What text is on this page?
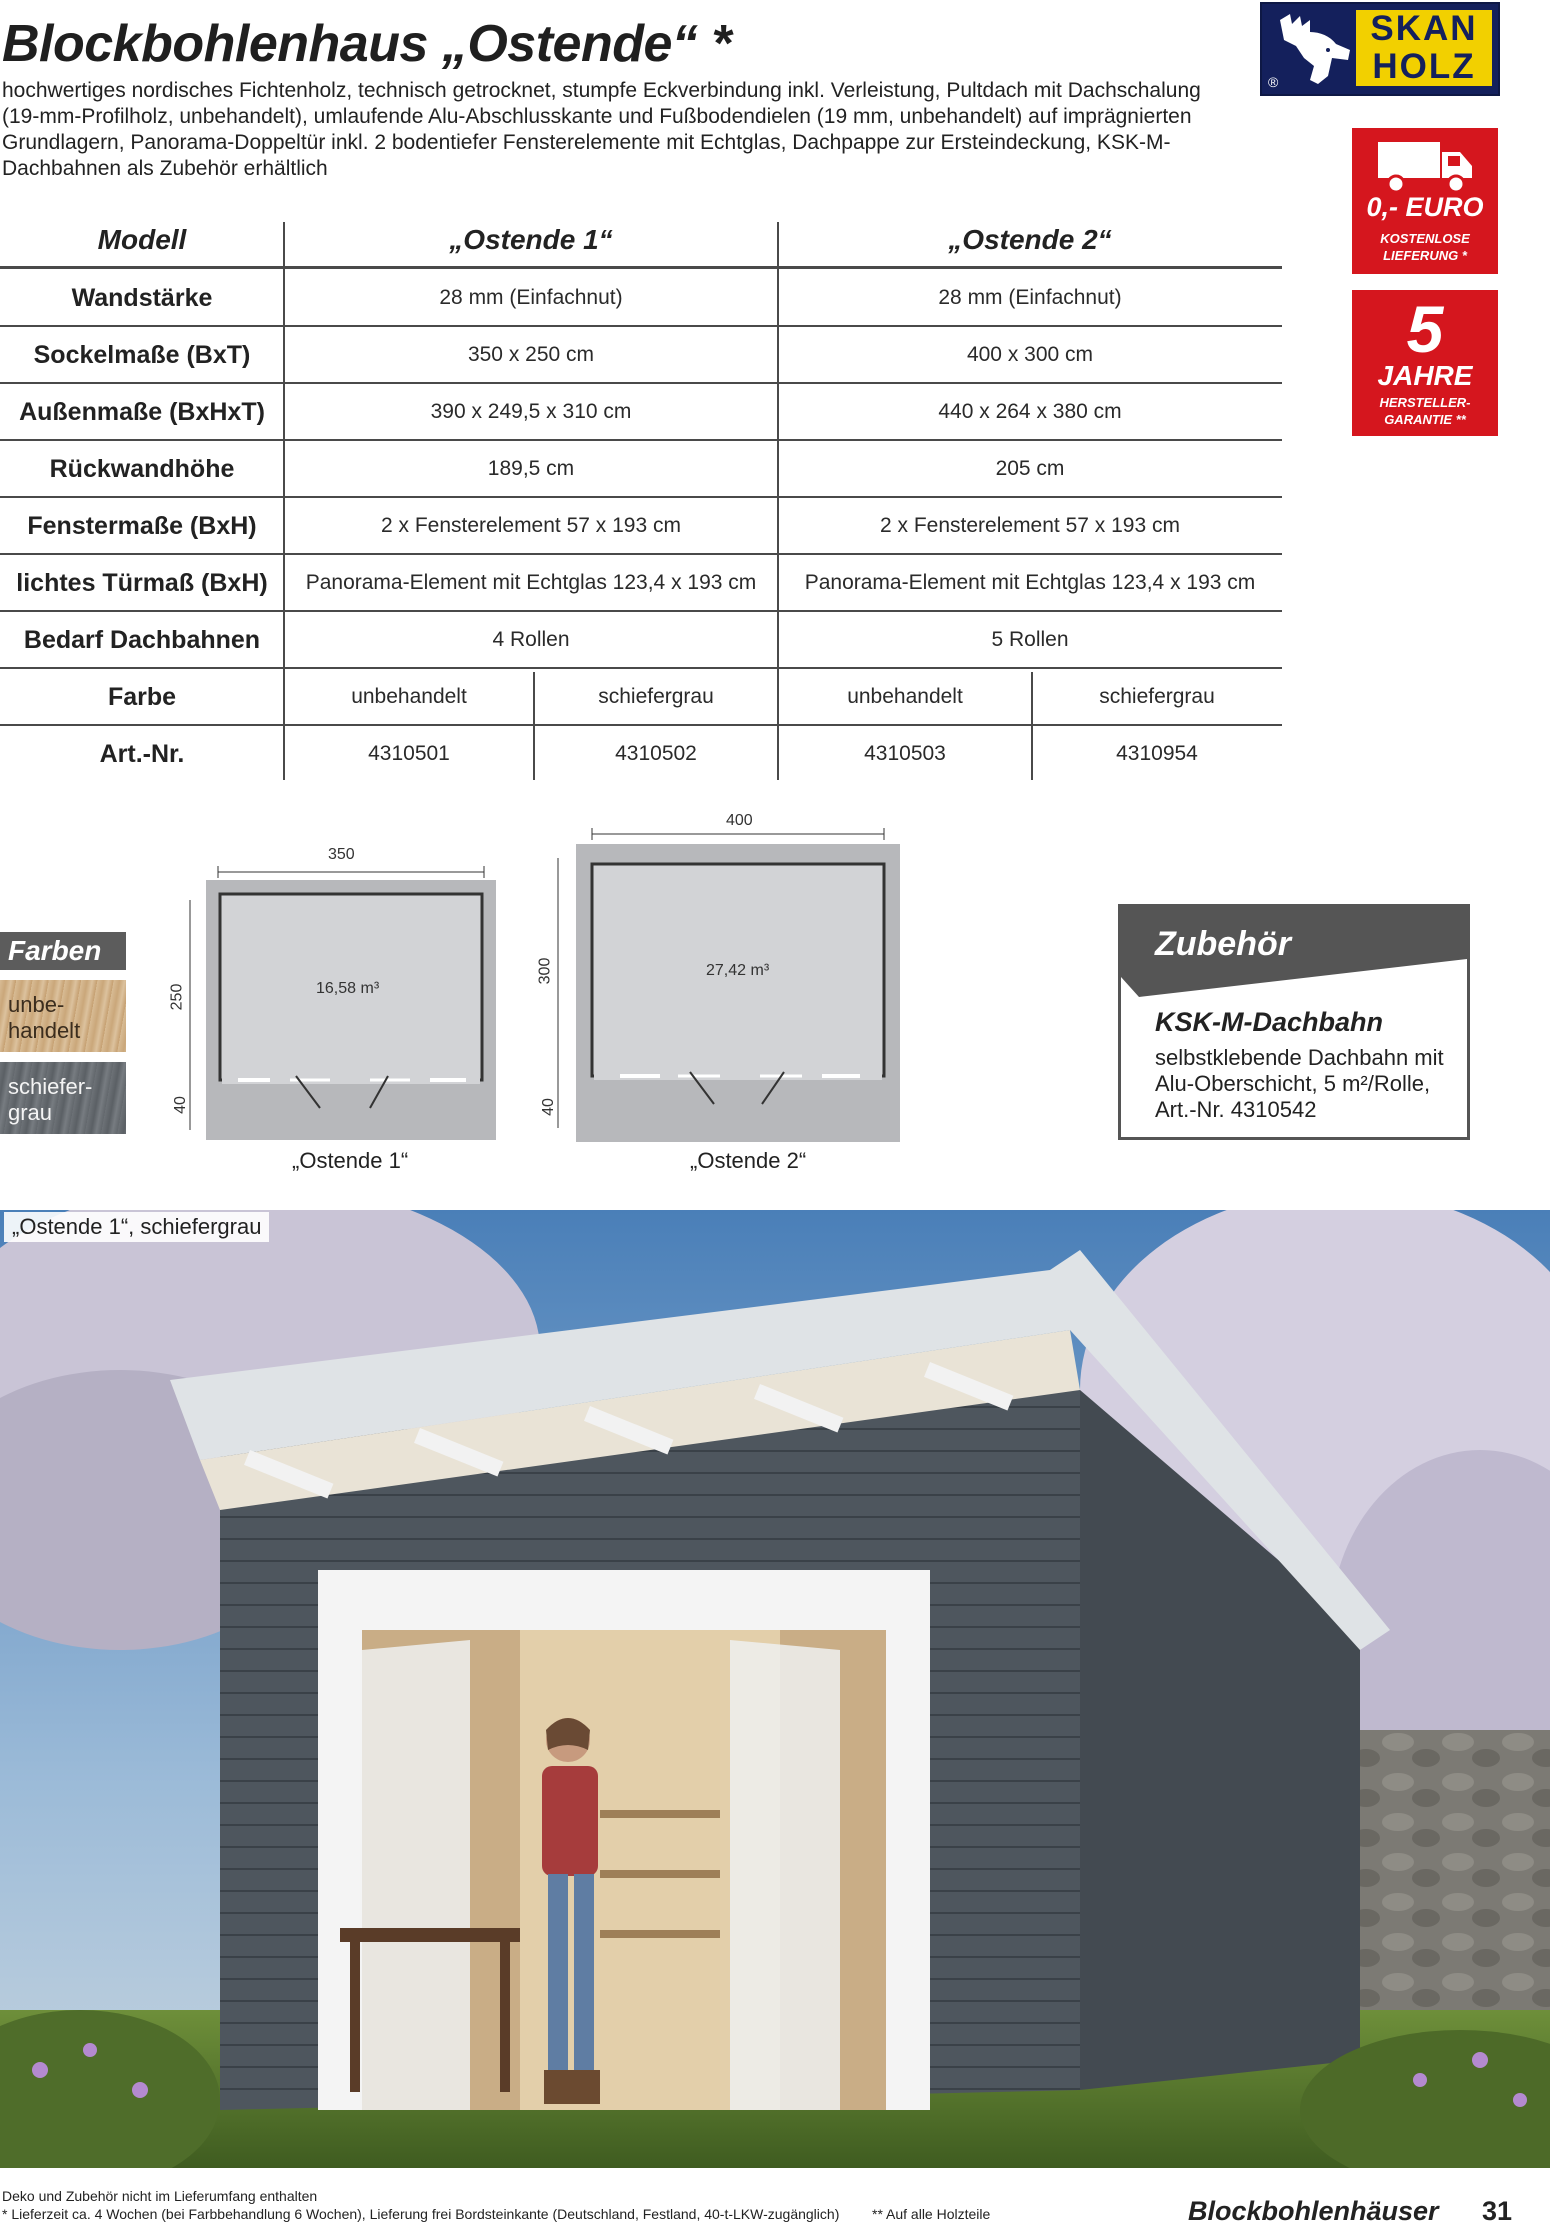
Blockbohlenhaus „Ostende“ *
hochwertiges nordisches Fichtenholz, technisch getrocknet, stumpfe Eckverbindung inkl. Verleistung, Pultdach mit Dachschalung (19-mm-Profilholz, unbehandelt), umlaufende Alu-Abschlusskante und Fußbodendielen (19 mm, unbehandelt) auf imprägnierten Grundlagern, Panorama-Doppeltür inkl. 2 bodentiefer Fensterelemente mit Echtglas, Dachpappe zur Ersteindeckung, KSK-M-Dachbahnen als Zubehör erhältlich
SKAN
HOLZ
®
0,- EURO
KOSTENLOSE
LIEFERUNG *
5
JAHRE
HERSTELLER-
GARANTIE **
Modell	„Ostende 1“	„Ostende 2“
Wandstärke	28 mm (Einfachnut)	28 mm (Einfachnut)
Sockelmaße (BxT)	350 x 250 cm	400 x 300 cm
Außenmaße (BxHxT)	390 x 249,5 x 310 cm	440 x 264 x 380 cm
Rückwandhöhe	189,5 cm	205 cm
Fenstermaße (BxH)	2 x Fensterelement 57 x 193 cm	2 x Fensterelement 57 x 193 cm
lichtes Türmaß (BxH)	Panorama-Element mit Echtglas 123,4 x 193 cm	Panorama-Element mit Echtglas 123,4 x 193 cm
Bedarf Dachbahnen	4 Rollen	5 Rollen
Farbe	unbehandelt	schiefergrau	unbehandelt	schiefergrau
Art.-Nr.	4310501	4310502	4310503	4310954
350
250
40
16,58 m³
„Ostende 1“
400
300
40
27,42 m³
„Ostende 2“
Farben
unbe-
handelt
schiefer-
grau
Zubehör
KSK-M-Dachbahn
selbstklebende Dachbahn mit
Alu-Oberschicht, 5 m²/Rolle,
Art.-Nr. 4310542
„Ostende 1“, schiefergrau
Deko und Zubehör nicht im Lieferumfang enthalten
* Lieferzeit ca. 4 Wochen (bei Farbbehandlung 6 Wochen), Lieferung frei Bordsteinkante (Deutschland, Festland, 40-t-LKW-zugänglich) ** Auf alle Holzteile	Blockbohlenhäuser 31
